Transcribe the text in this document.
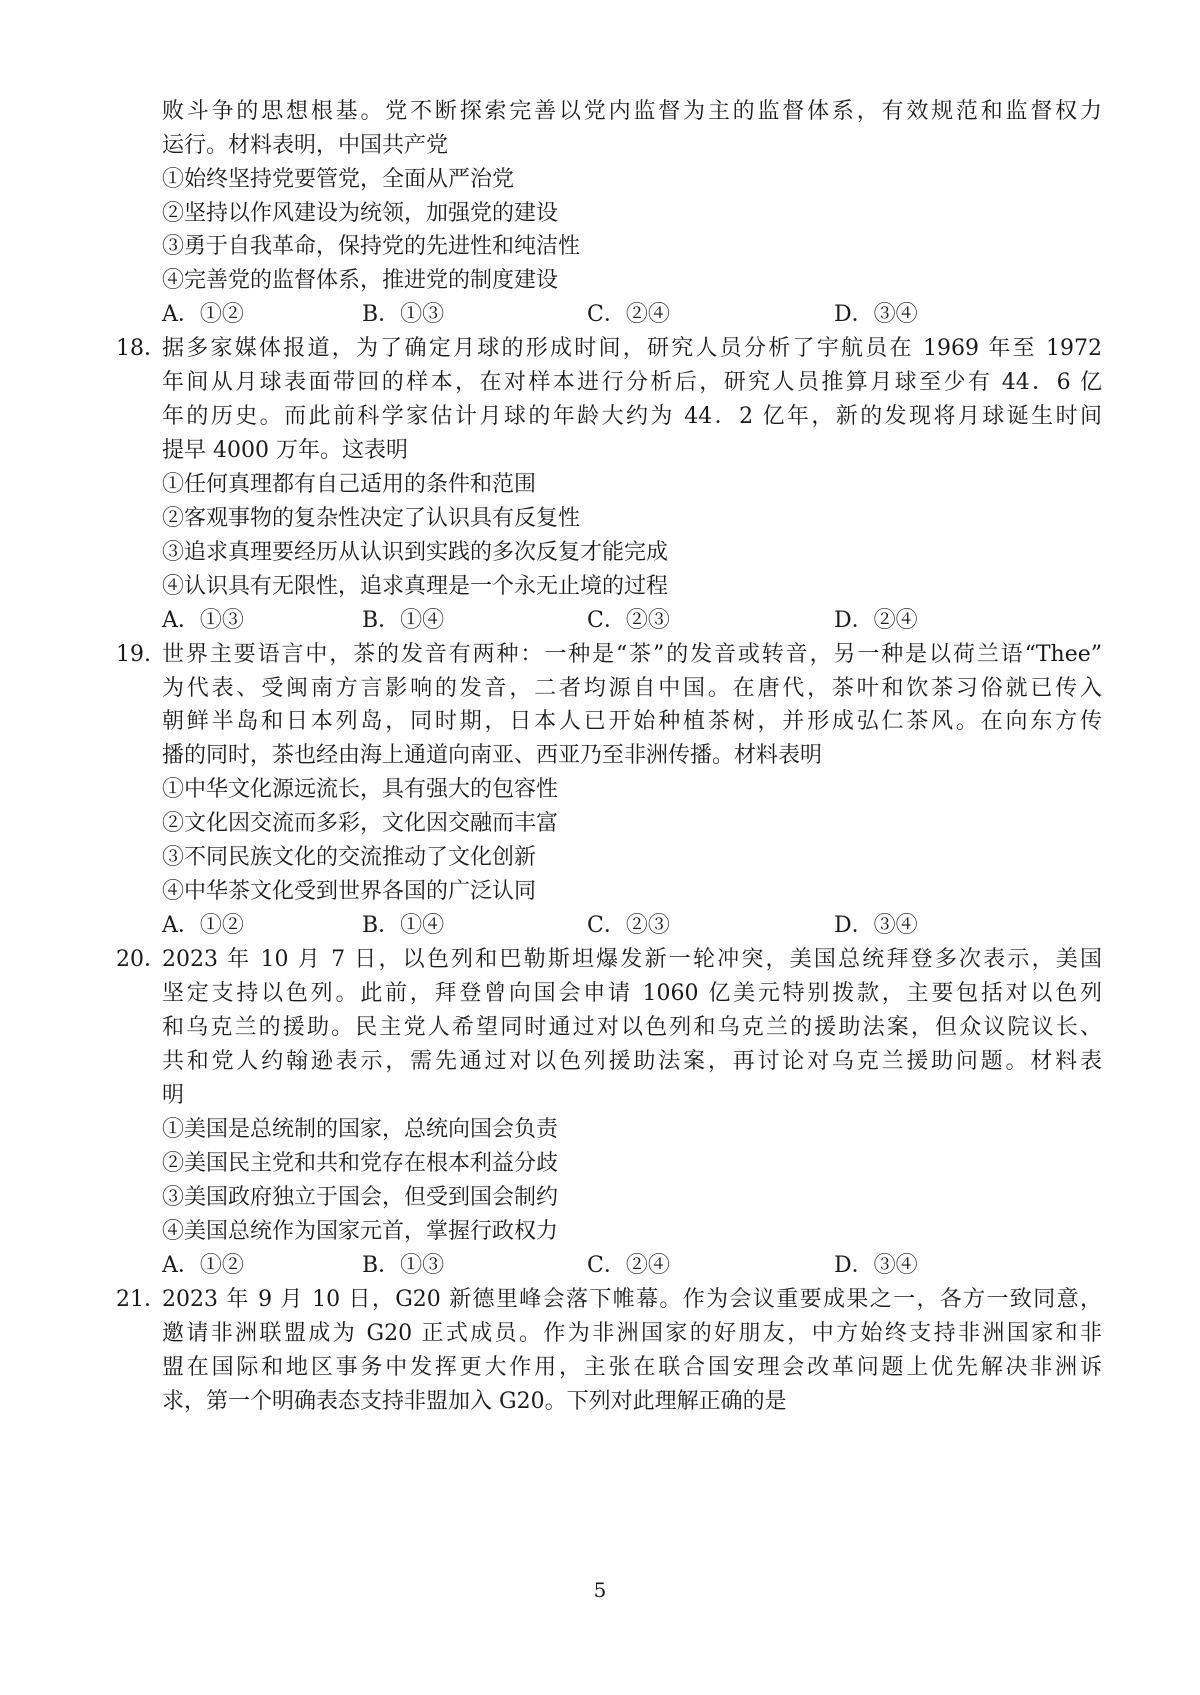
败斗争的思想根基。党不断探索完善以党内监督为主的监督体系，有效规范和监督权力
运行。材料表明，中国共产党
①始终坚持党要管党，全面从严治党
②坚持以作风建设为统领，加强党的建设
③勇于自我革命，保持党的先进性和纯洁性
④完善党的监督体系，推进党的制度建设
A．①②	B．①③	C．②④	D．③④
18．
据多家媒体报道，为了确定月球的形成时间，研究人员分析了宇航员在 1969 年至 1972
年间从月球表面带回的样本，在对样本进行分析后，研究人员推算月球至少有 44．6 亿
年的历史。而此前科学家估计月球的年龄大约为 44．2 亿年，新的发现将月球诞生时间
提早 4000 万年。这表明
①任何真理都有自己适用的条件和范围
②客观事物的复杂性决定了认识具有反复性
③追求真理要经历从认识到实践的多次反复才能完成
④认识具有无限性，追求真理是一个永无止境的过程
A．①③	B．①④	C．②③	D．②④
19. 世界主要语言中，茶的发音有两种：一种是“茶”的发音或转音，另一种是以荷兰语“Thee”
为代表、受闽南方言影响的发音，二者均源自中国。在唐代，茶叶和饮茶习俗就已传入
朝鲜半岛和日本列岛，同时期，日本人已开始种植茶树，并形成弘仁茶风。在向东方传
播的同时，茶也经由海上通道向南亚、西亚乃至非洲传播。材料表明
①中华文化源远流长，具有强大的包容性
②文化因交流而多彩，文化因交融而丰富
③不同民族文化的交流推动了文化创新
④中华茶文化受到世界各国的广泛认同
A．①②	B．①④	C．②③	D．③④
20．
2023 年 10 月 7 日，以色列和巴勒斯坦爆发新一轮冲突，美国总统拜登多次表示，美国
坚定支持以色列。此前，拜登曾向国会申请 1060 亿美元特别拨款，主要包括对以色列
和乌克兰的援助。民主党人希望同时通过对以色列和乌克兰的援助法案，但众议院议长、
共和党人约翰逊表示，需先通过对以色列援助法案，再讨论对乌克兰援助问题。材料表
明
①美国是总统制的国家，总统向国会负责
②美国民主党和共和党存在根本利益分歧
③美国政府独立于国会，但受到国会制约
④美国总统作为国家元首，掌握行政权力
A．①②	B．①③	C．②④	D．③④
21．
2023 年 9 月 10 日，G20 新德里峰会落下帷幕。作为会议重要成果之一，各方一致同意，
邀请非洲联盟成为 G20 正式成员。作为非洲国家的好朋友，中方始终支持非洲国家和非
盟在国际和地区事务中发挥更大作用，主张在联合国安理会改革问题上优先解决非洲诉
求，第一个明确表态支持非盟加入 G20。下列对此理解正确的是
5
